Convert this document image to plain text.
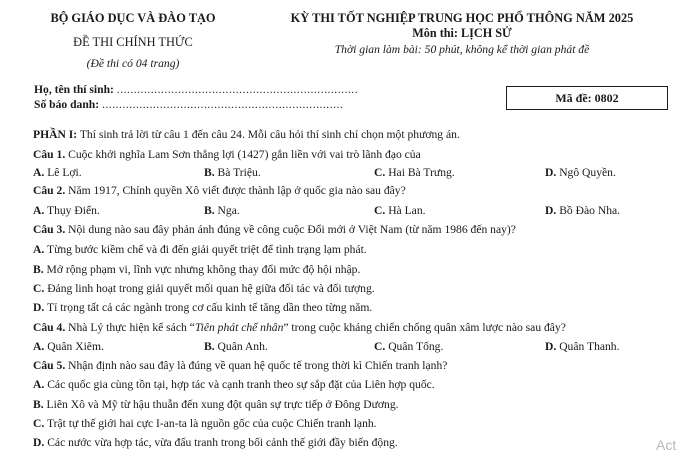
BỘ GIÁO DỤC VÀ ĐÀO TẠO
ĐỀ THI CHÍNH THỨC
(Đề thi có 04 trang)
KỲ THI TỐT NGHIỆP TRUNG HỌC PHỔ THÔNG NĂM 2025
Môn thi: LỊCH SỬ
Thời gian làm bài: 50 phút, không kể thời gian phát đề
Họ, tên thí sinh: .......................................................................
Số báo danh: .......................................................................	Mã đề: 0802
PHẦN I: Thí sinh trả lời từ câu 1 đến câu 24. Mỗi câu hỏi thí sinh chỉ chọn một phương án.
Câu 1. Cuộc khởi nghĩa Lam Sơn thắng lợi (1427) gắn liền với vai trò lãnh đạo của
A. Lê Lợi.	B. Bà Triệu.	C. Hai Bà Trưng.	D. Ngô Quyền.
Câu 2. Năm 1917, Chính quyền Xô viết được thành lập ở quốc gia nào sau đây?
A. Thụy Điển.	B. Nga.	C. Hà Lan.	D. Bồ Đào Nha.
Câu 3. Nội dung nào sau đây phản ánh đúng về công cuộc Đổi mới ở Việt Nam (từ năm 1986 đến nay)?
A. Từng bước kiềm chế và đi đến giải quyết triệt để tình trạng lạm phát.
B. Mở rộng phạm vi, lĩnh vực nhưng không thay đổi mức độ hội nhập.
C. Đảng linh hoạt trong giải quyết mối quan hệ giữa đối tác và đối tượng.
D. Tỉ trọng tất cả các ngành trong cơ cấu kinh tế tăng dần theo từng năm.
Câu 4. Nhà Lý thực hiện kế sách “Tiên phát chế nhân” trong cuộc kháng chiến chống quân xâm lược nào sau đây?
A. Quân Xiêm.	B. Quân Anh.	C. Quân Tống.	D. Quân Thanh.
Câu 5. Nhận định nào sau đây là đúng về quan hệ quốc tế trong thời kì Chiến tranh lạnh?
A. Các quốc gia cùng tồn tại, hợp tác và cạnh tranh theo sự sắp đặt của Liên hợp quốc.
B. Liên Xô và Mỹ từ hậu thuẫn đến xung đột quân sự trực tiếp ở Đông Dương.
C. Trật tự thế giới hai cực I-an-ta là nguồn gốc của cuộc Chiến tranh lạnh.
D. Các nước vừa hợp tác, vừa đấu tranh trong bối cảnh thế giới đầy biến động.	Act
